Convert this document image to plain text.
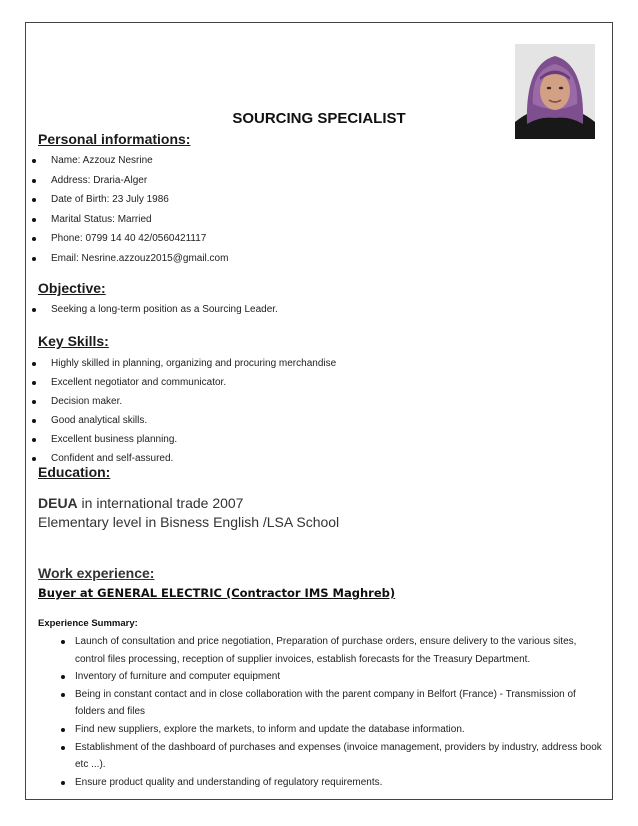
SOURCING SPECIALIST
Personal informations:
Name: Azzouz Nesrine
Address: Draria-Alger
Date of Birth: 23 July 1986
Marital Status: Married
Phone: 0799 14 40 42/0560421117
Email: Nesrine.azzouz2015@gmail.com
Objective:
Seeking a long-term position as a Sourcing Leader.
Key Skills:
Highly skilled in planning, organizing and procuring merchandise
Excellent negotiator and communicator.
Decision maker.
Good analytical skills.
Excellent business planning.
Confident and self-assured.
Education:
DEUA in international trade 2007
Elementary level in Bisness English /LSA School
Work experience:
Buyer at GENERAL ELECTRIC (Contractor IMS Maghreb)
Experience Summary:
Launch of consultation and price negotiation, Preparation of purchase orders, ensure delivery to the various sites, control files processing, reception of supplier invoices, establish forecasts for the Treasury Department.
Inventory of furniture and computer equipment
Being in constant contact and in close collaboration with the parent company in Belfort (France) - Transmission of folders and files
Find new suppliers, explore the markets, to inform and update the database information.
Establishment of the dashboard of purchases and expenses (invoice management, providers by industry, address book etc ...).
Ensure product quality and understanding of regulatory requirements.
